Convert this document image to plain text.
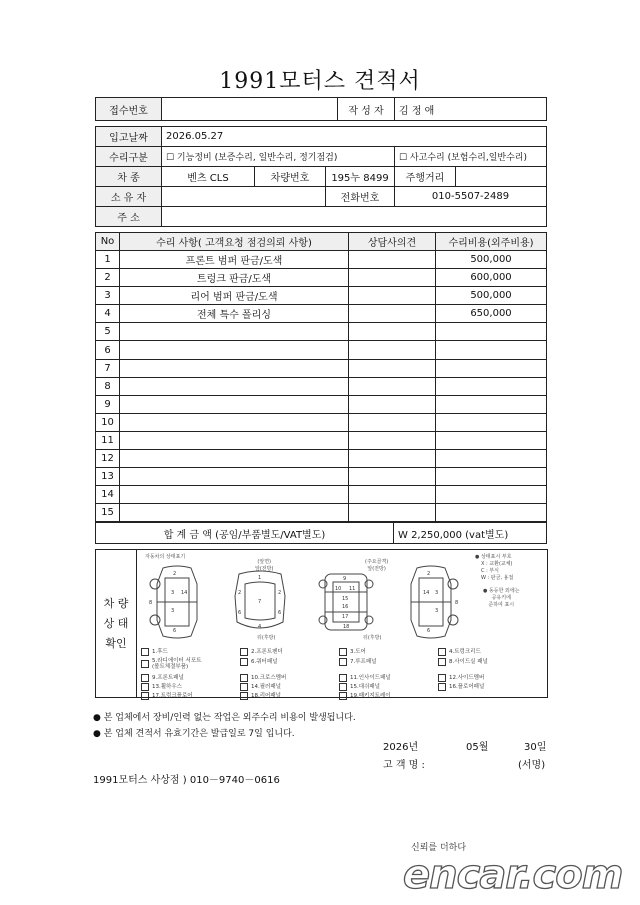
1991모터스 견적서
접수번호		작 성 자	김 정 애
입고날짜	2026.05.27				
수리구분	☐ 기능정비 (보증수리, 일반수리, 정기점검)			☐ 사고수리 (보험수리,일반수리)	
차 종	벤츠 CLS	차량번호	195누 8499	주행거리	
소 유 자			전화번호	010-5507-2489	
주 소					
No	수리 사항( 고객요청 점검의뢰 사항)	상담사의견	수리비용(외주비용)
1	프론트 범퍼 판금/도색		500,000
2	트렁크 판금/도색		600,000
3	리어 범퍼 판금/도색		500,000
4	전체 특수 폴리싱		650,000
5			
6			
7			
8			
9			
10			
11			
12			
13			
14			
15			
합 계 금 액 (공임/부품별도/VAT별도)	W 2,250,000 (vat별도)
차 량
상 태
확인
자동차의 상태표기
(앞면)
앞(전방)
(주요골격)
앞(전방)
뒤(후방)	뒤(후방)
● 상태표시 부호
X : 교환(교체)
C : 부식
W : 판금, 용접
● 동등한 외에는
공유키에
준하여 표시
2
3 14
3
6
8
1
2	2
7
6	6
4
9
10 11
15
16
17
18
2
14 3
3
6
8
1.후드	2.프론트펜더	3.도어	4.트렁크리드
5.라디에이터 서포트
(볼트체결부품)
6.쿼터패널	7.루프패널	8.사이드실 패널
9.프론트패널	10.크로스멤버	11.인사이드패널	12.사이드멤버
13.휠하우스	14.필러패널	15.대쉬패널	16.플로어패널
17.트렁크플로어	18.리어패널	19.패키지트레이
● 본 업체에서 장비/인력 없는 작업은 외주수리 비용이 발생됩니다.
● 본 업체 견적서 유효기간은 발급일로 7일 입니다.
2026년	05월	30일
고 객 명 :	(서명)
1991모터스 사상점 ) 010－9740－0616
신뢰를 더하다
encar.com
